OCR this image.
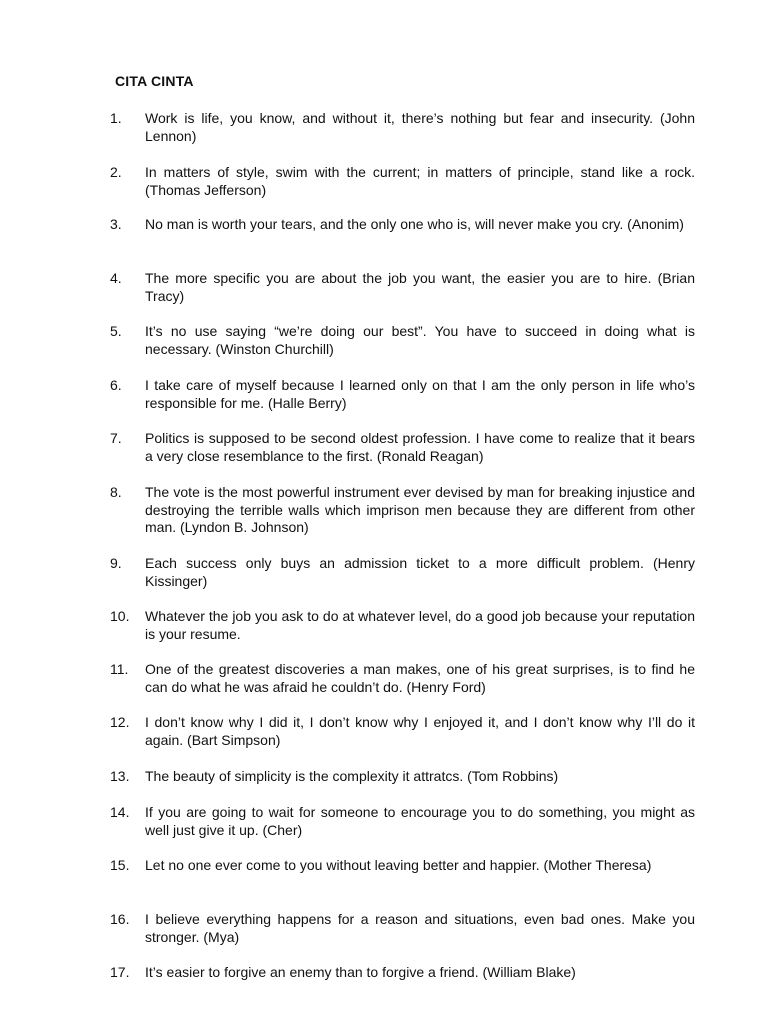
CITA CINTA
1. Work is life, you know, and without it, there’s nothing but fear and insecurity. (John Lennon)
2. In matters of style, swim with the current; in matters of principle, stand like a rock. (Thomas Jefferson)
3. No man is worth your tears, and the only one who is, will never make you cry. (Anonim)
4. The more specific you are about the job you want, the easier you are to hire. (Brian Tracy)
5. It’s no use saying “we’re doing our best”. You have to succeed in doing what is necessary. (Winston Churchill)
6. I take care of myself because I learned only on that I am the only person in life who’s responsible for me. (Halle Berry)
7. Politics is supposed to be second oldest profession. I have come to realize that it bears a very close resemblance to the first. (Ronald Reagan)
8. The vote is the most powerful instrument ever devised by man for breaking injustice and destroying the terrible walls which imprison men because they are different from other man. (Lyndon B. Johnson)
9. Each success only buys an admission ticket to a more difficult problem. (Henry Kissinger)
10. Whatever the job you ask to do at whatever level, do a good job because your reputation is your resume.
11. One of the greatest discoveries a man makes, one of his great surprises, is to find he can do what he was afraid he couldn’t do. (Henry Ford)
12. I don’t know why I did it, I don’t know why I enjoyed it, and I don’t know why I’ll do it again. (Bart Simpson)
13. The beauty of simplicity is the complexity it attratcs. (Tom Robbins)
14. If you are going to wait for someone to encourage you to do something, you might as well just give it up. (Cher)
15. Let no one ever come to you without leaving better and happier. (Mother Theresa)
16. I believe everything happens for a reason and situations, even bad ones. Make you stronger. (Mya)
17. It’s easier to forgive an enemy than to forgive a friend. (William Blake)
